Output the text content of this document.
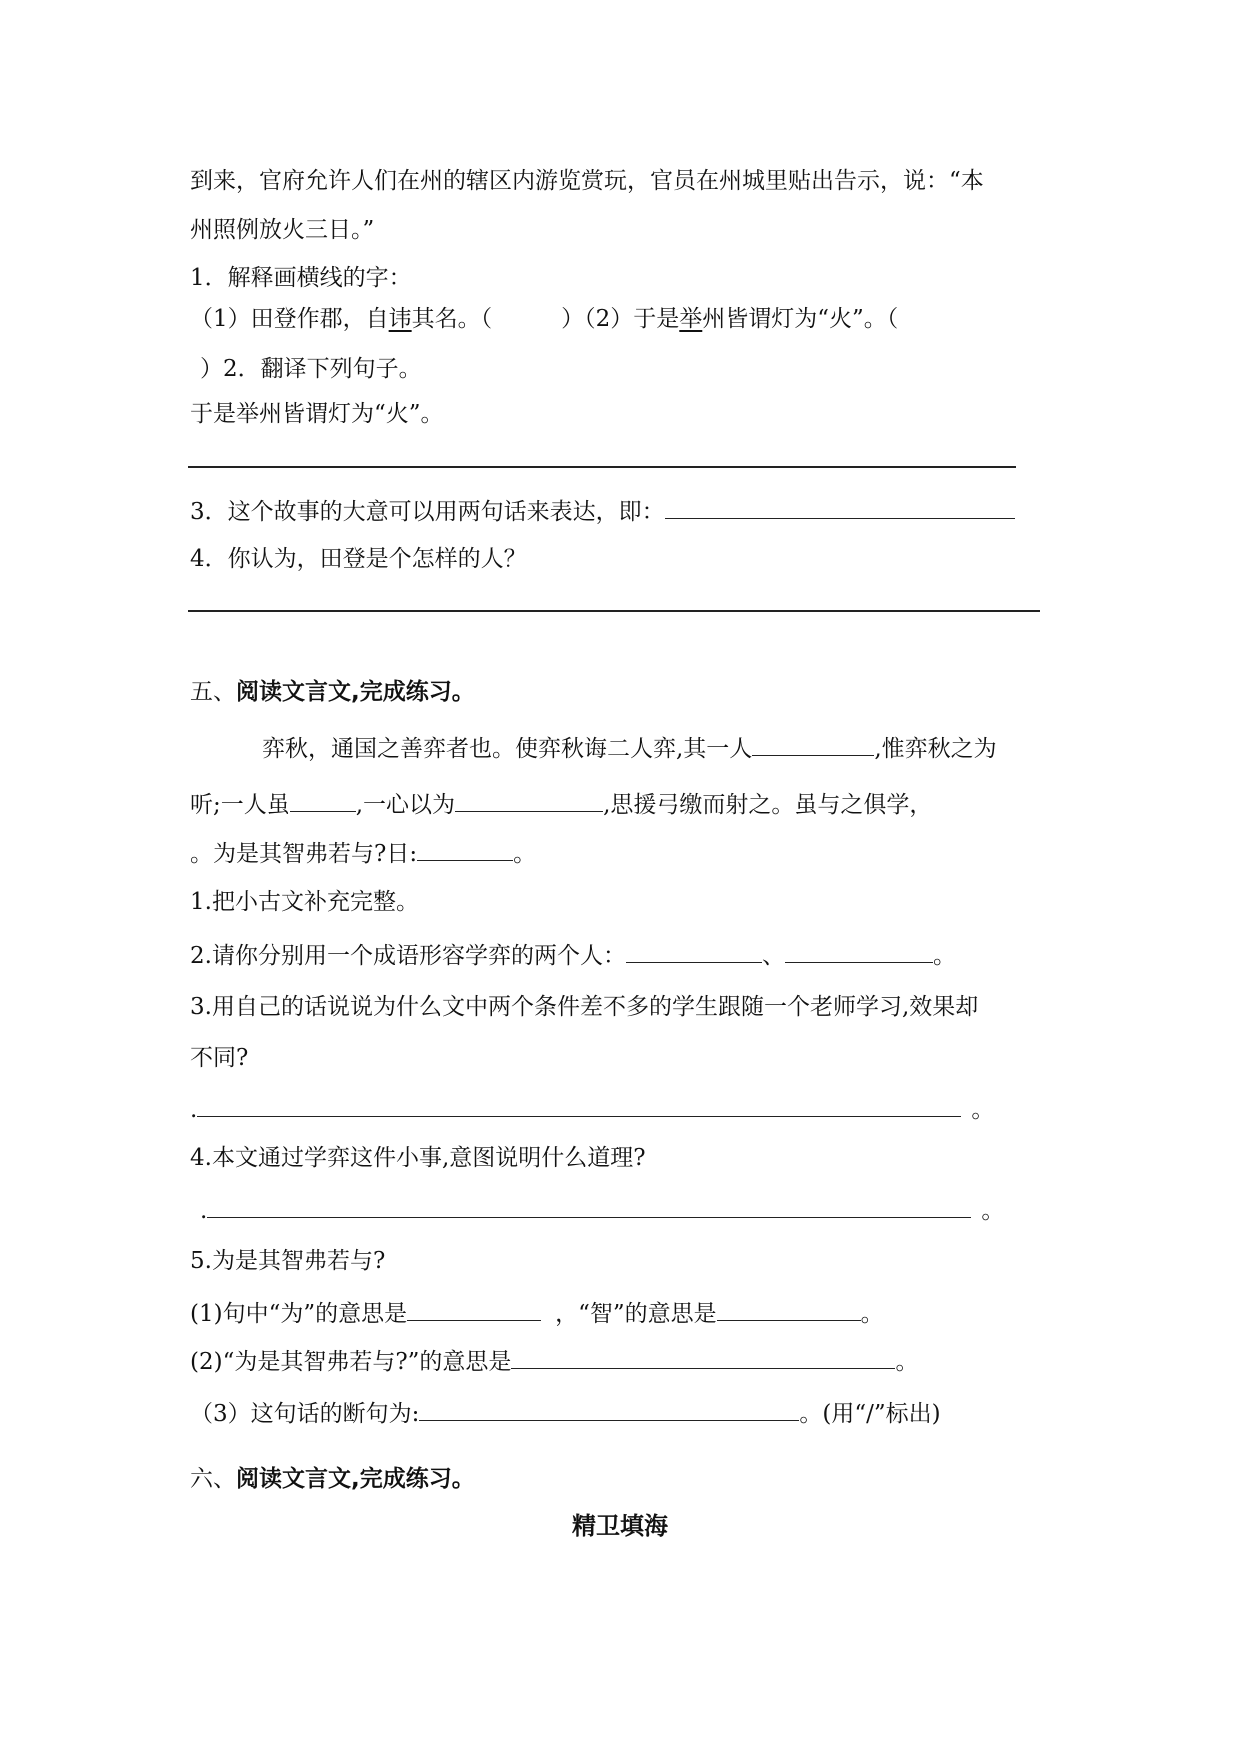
到来，官府允许人们在州的辖区内游览赏玩，官员在州城里贴出告示，说：“本
州照例放火三日。”
1．解释画横线的字：
（1）田登作郡，自讳其名。（　　　）（2）于是举州皆谓灯为“火”。（
）2．翻译下列句子。
于是举州皆谓灯为“火”。
3．这个故事的大意可以用两句话来表达，即：
4．你认为，田登是个怎样的人？
五、阅读文言文,完成练习。
弈秋，通国之善弈者也。使弈秋诲二人弈,其一人	,惟弈秋之为
听;一人虽	,一心以为	,思援弓缴而射之。虽与之俱学，
。为是其智弗若与?日:	。
1.把小古文补充完整。
2.请你分别用一个成语形容学弈的两个人：	、	。
3.用自己的话说说为什么文中两个条件差不多的学生跟随一个老师学习,效果却
不同?
.	。
4.本文通过学弈这件小事,意图说明什么道理?
.	。
5.为是其智弗若与?
(1)句中“为”的意思是	，“智”的意思是	。
(2)“为是其智弗若与?”的意思是	。
（3）这句话的断句为:	。(用“/”标出)
六、阅读文言文,完成练习。
精卫填海
